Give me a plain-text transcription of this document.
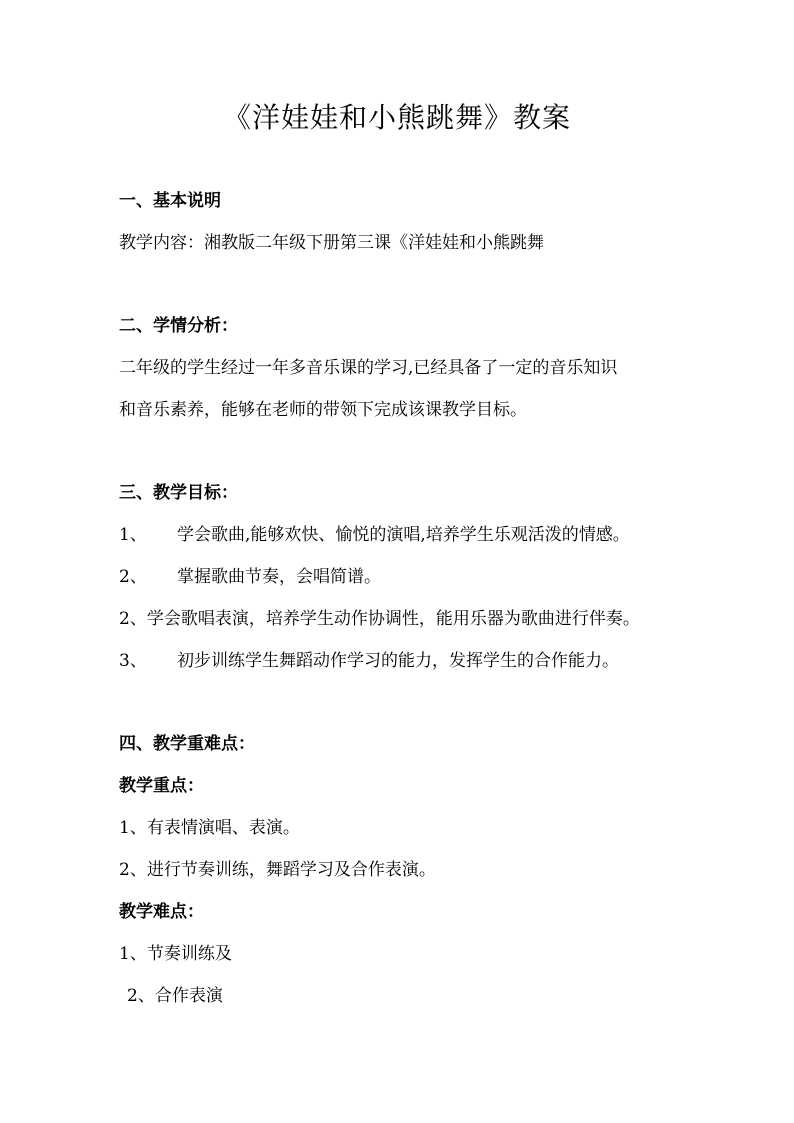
《洋娃娃和小熊跳舞》教案
一、基本说明
教学内容：湘教版二年级下册第三课《洋娃娃和小熊跳舞
二、学情分析：
二年级的学生经过一年多音乐课的学习,已经具备了一定的音乐知识
和音乐素养，能够在老师的带领下完成该课教学目标。
三、教学目标：
1、 学会歌曲,能够欢快、愉悦的演唱,培养学生乐观活泼的情感。
2、 掌握歌曲节奏，会唱简谱。
2、学会歌唱表演，培养学生动作协调性，能用乐器为歌曲进行伴奏。
3、 初步训练学生舞蹈动作学习的能力，发挥学生的合作能力。
四、教学重难点：
教学重点：
1、有表情演唱、表演。
2、进行节奏训练，舞蹈学习及合作表演。
教学难点：
1、节奏训练及
2、合作表演
